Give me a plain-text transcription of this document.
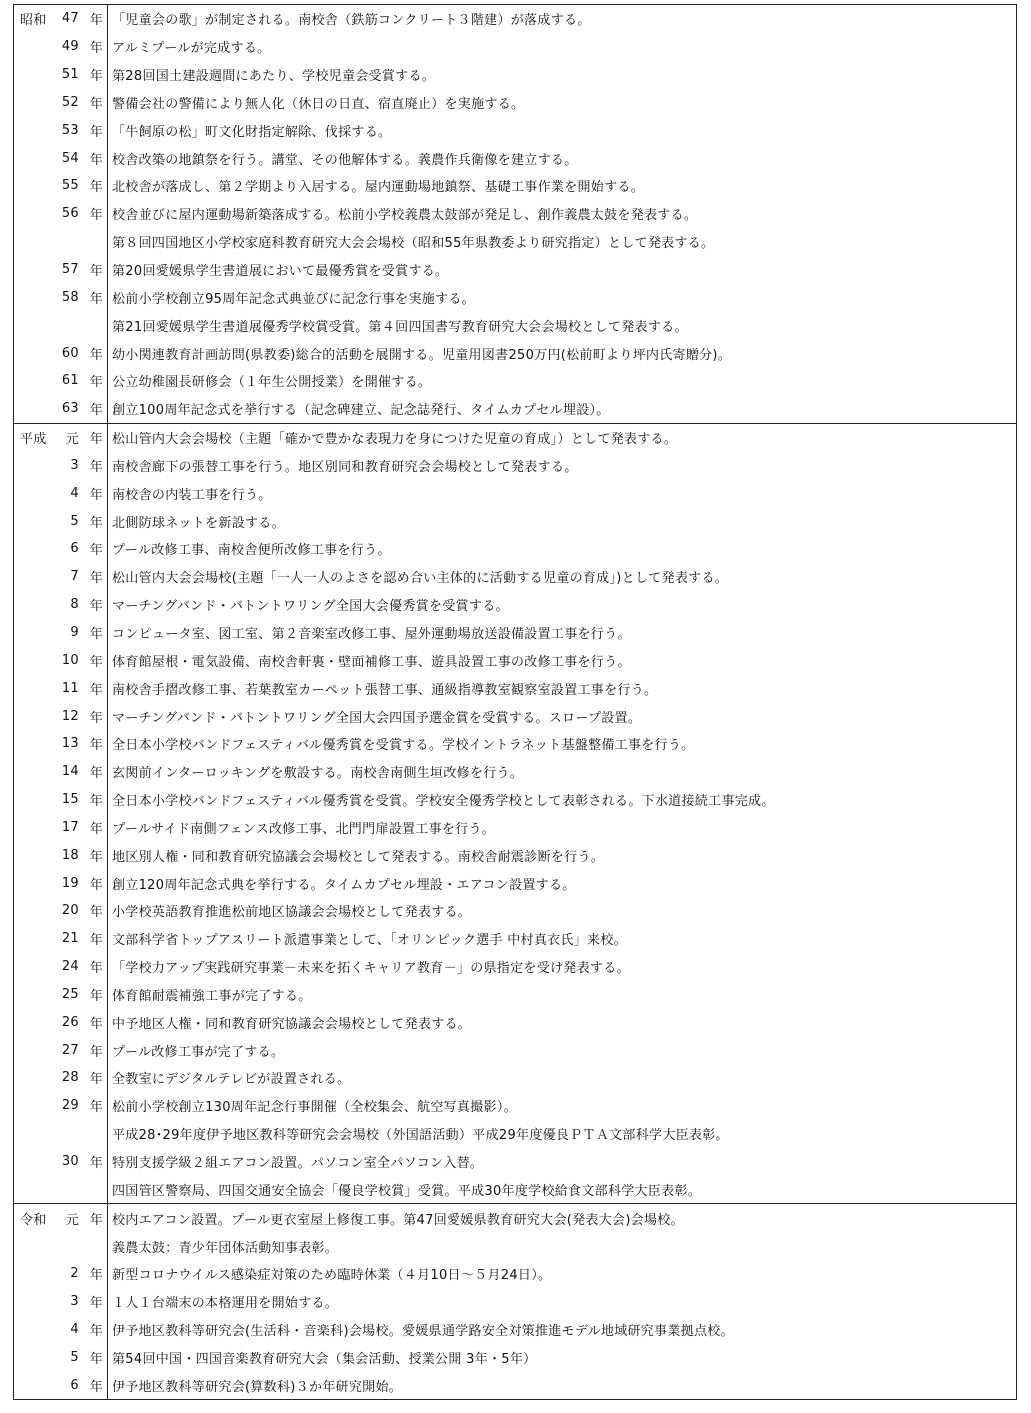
昭和 47 年 「児童会の歌」が制定される。南校舎（鉄筋コンクリート３階建）が落成する。
49 年 アルミプールが完成する。
51 年 第28回国土建設週間にあたり、学校児童会受賞する。
52 年 警備会社の警備により無人化（休日の日直、宿直廃止）を実施する。
53 年 「牛飼原の松」町文化財指定解除、伐採する。
54 年 校舎改築の地鎮祭を行う。講堂、その他解体する。義農作兵衛像を建立する。
55 年 北校舎が落成し、第２学期より入居する。屋内運動場地鎮祭、基礎工事作業を開始する。
56 年 校舎並びに屋内運動場新築落成する。松前小学校義農太鼓部が発足し、創作義農太鼓を発表する。
第８回四国地区小学校家庭科教育研究大会会場校（昭和55年県教委より研究指定）として発表する。
57 年 第20回愛媛県学生書道展において最優秀賞を受賞する。
58 年 松前小学校創立95周年記念式典並びに記念行事を実施する。
第21回愛媛県学生書道展優秀学校賞受賞。第４回四国書写教育研究大会会場校として発表する。
60 年 幼小関連教育計画訪問(県教委)総合的活動を展開する。児童用図書250万円(松前町より坪内氏寄贈分)。
61 年 公立幼稚園長研修会（１年生公開授業）を開催する。
63 年 創立100周年記念式を挙行する（記念碑建立、記念誌発行、タイムカプセル埋設）。
平成 元 年 松山管内大会会場校（主題「確かで豊かな表現力を身につけた児童の育成」）として発表する。
3 年 南校舎廊下の張替工事を行う。地区別同和教育研究会会場校として発表する。
4 年 南校舎の内装工事を行う。
5 年 北側防球ネットを新設する。
6 年 プール改修工事、南校舎便所改修工事を行う。
7 年 松山管内大会会場校(主題「一人一人のよさを認め合い主体的に活動する児童の育成」)として発表する。
8 年 マーチングバンド・バトントワリング全国大会優秀賞を受賞する。
9 年 コンピュータ室、図工室、第２音楽室改修工事、屋外運動場放送設備設置工事を行う。
10 年 体育館屋根・電気設備、南校舎軒裏・壁面補修工事、遊具設置工事の改修工事を行う。
11 年 南校舎手摺改修工事、若葉教室カーペット張替工事、通級指導教室観察室設置工事を行う。
12 年 マーチングバンド・バトントワリング全国大会四国予選金賞を受賞する。スロープ設置。
13 年 全日本小学校バンドフェスティバル優秀賞を受賞する。学校イントラネット基盤整備工事を行う。
14 年 玄関前インターロッキングを敷設する。南校舎南側生垣改修を行う。
15 年 全日本小学校バンドフェスティバル優秀賞を受賞。学校安全優秀学校として表彰される。下水道接続工事完成。
17 年 プールサイド南側フェンス改修工事、北門門扉設置工事を行う。
18 年 地区別人権・同和教育研究協議会会場校として発表する。南校舎耐震診断を行う。
19 年 創立120周年記念式典を挙行する。タイムカプセル埋設・エアコン設置する。
20 年 小学校英語教育推進松前地区協議会会場校として発表する。
21 年 文部科学省トップアスリート派遣事業として、「オリンピック選手 中村真衣氏」来校。
24 年 「学校力アップ実践研究事業－未来を拓くキャリア教育－」の県指定を受け発表する。
25 年 体育館耐震補強工事が完了する。
26 年 中予地区人権・同和教育研究協議会会場校として発表する。
27 年 プール改修工事が完了する。
28 年 全教室にデジタルテレビが設置される。
29 年 松前小学校創立130周年記念行事開催（全校集会、航空写真撮影）。
平成28･29年度伊予地区教科等研究会会場校（外国語活動）平成29年度優良ＰＴＡ文部科学大臣表彰。
30 年 特別支援学級２組エアコン設置。パソコン室全パソコン入替。
四国管区警察局、四国交通安全協会「優良学校賞」受賞。平成30年度学校給食文部科学大臣表彰。
令和 元 年 校内エアコン設置。プール更衣室屋上修復工事。第47回愛媛県教育研究大会(発表大会)会場校。
義農太鼓：青少年団体活動知事表彰。
2 年 新型コロナウイルス感染症対策のため臨時休業（４月10日～５月24日）。
3 年 １人１台端末の本格運用を開始する。
4 年 伊予地区教科等研究会(生活科・音楽科)会場校。愛媛県通学路安全対策推進モデル地域研究事業拠点校。
5 年 第54回中国・四国音楽教育研究大会（集会活動、授業公開 3年・5年）
6 年 伊予地区教科等研究会(算数科)３か年研究開始。
